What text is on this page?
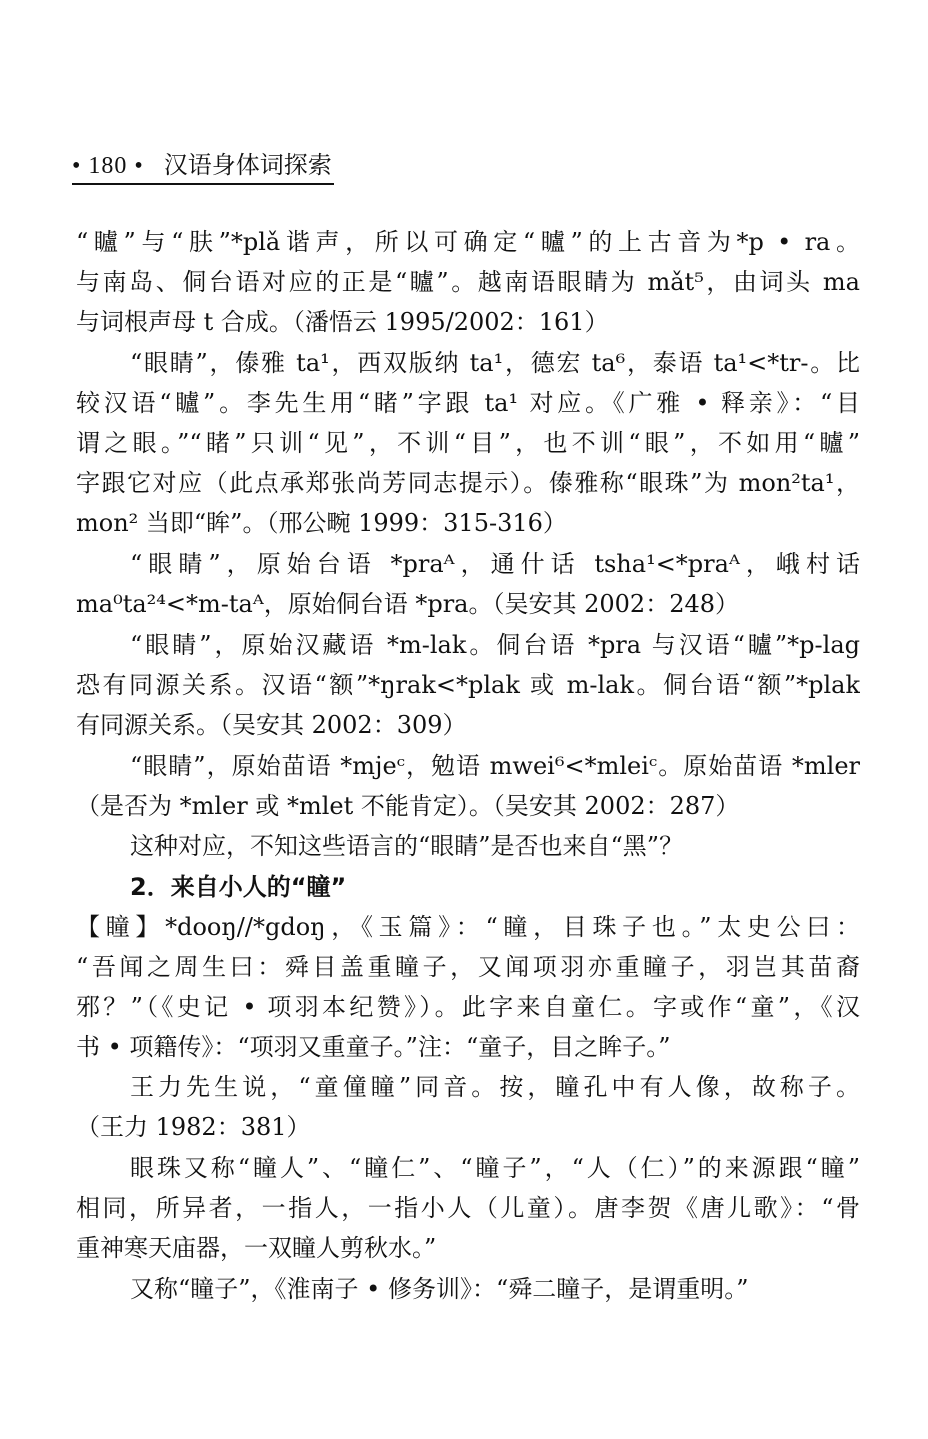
• 180 • 汉语身体词探索
“矑”与“肤”*plǎ谐声，所以可确定“矑”的上古音为*p • ra。
与南岛、侗台语对应的正是“矑”。越南语眼睛为 mǎt⁵，由词头 ma
与词根声母 t 合成。（潘悟云 1995/2002：161）
“眼睛”，傣雅 ta¹，西双版纳 ta¹，德宏 ta⁶，泰语 ta¹<*tr-。比
较汉语“矑”。李先生用“睹”字跟 ta¹ 对应。《广雅 • 释亲》：“目
谓之眼。”“睹”只训“见”，不训“目”，也不训“眼”，不如用“矑”
字跟它对应（此点承郑张尚芳同志提示）。傣雅称“眼珠”为 mon²ta¹，
mon² 当即“眸”。（邢公畹 1999：315-316）
“眼睛”，原始台语 *praᴬ，通什话 tsha¹<*praᴬ，峨村话
ma⁰ta²⁴<*m-taᴬ，原始侗台语 *pra。（吴安其 2002：248）
“眼睛”，原始汉藏语 *m-lak。侗台语 *pra 与汉语“矑”*p-lag
恐有同源关系。汉语“额”*ŋrak<*plak 或 m-lak。侗台语“额”*plak
有同源关系。（吴安其 2002：309）
“眼睛”，原始苗语 *mjeᶜ，勉语 mwei⁶<*mleiᶜ。原始苗语 *mler
（是否为 *mler 或 *mlet 不能肯定）。（吴安其 2002：287）
这种对应，不知这些语言的“眼睛”是否也来自“黑”？
2．来自小人的“瞳”
【瞳】*dooŋ//*gdoŋ，《玉篇》：“瞳，目珠子也。”太史公曰：
“吾闻之周生曰：舜目盖重瞳子，又闻项羽亦重瞳子，羽岂其苗裔
邪？”（《史记 • 项羽本纪赞》）。此字来自童仁。字或作“童”，《汉
书 • 项籍传》：“项羽又重童子。”注：“童子，目之眸子。”
王力先生说，“童僮瞳”同音。按，瞳孔中有人像，故称子。
（王力 1982：381）
眼珠又称“瞳人”、“瞳仁”、“瞳子”，“人（仁）”的来源跟“瞳”
相同，所异者，一指人，一指小人（儿童）。唐李贺《唐儿歌》：“骨
重神寒天庙器，一双瞳人剪秋水。”
又称“瞳子”，《淮南子 • 修务训》：“舜二瞳子，是谓重明。”
